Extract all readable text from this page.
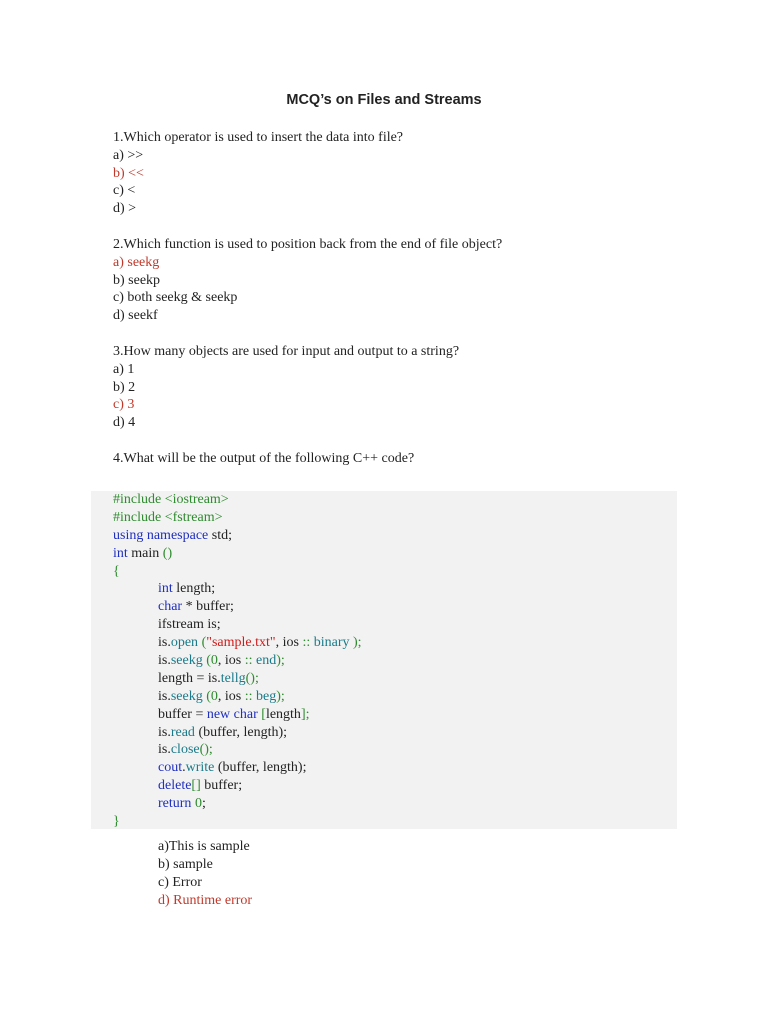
MCQ’s on Files and Streams
1.Which operator is used to insert the data into file?
a) >>
b) <<
c) <
d) >
2.Which function is used to position back from the end of file object?
a) seekg
b) seekp
c) both seekg & seekp
d) seekf
3.How many objects are used for input and output to a string?
a) 1
b) 2
c) 3
d) 4
4.What will be the output of the following C++ code?
#include <iostream>
#include <fstream>
using namespace std;
int main ()
{
int length;
char * buffer;
ifstream is;
is.open ("sample.txt", ios :: binary );
is.seekg (0, ios :: end);
length = is.tellg();
is.seekg (0, ios :: beg);
buffer = new char [length];
is.read (buffer, length);
is.close();
cout.write (buffer, length);
delete[] buffer;
return 0;
}
a)This is sample
b) sample
c) Error
d) Runtime error
